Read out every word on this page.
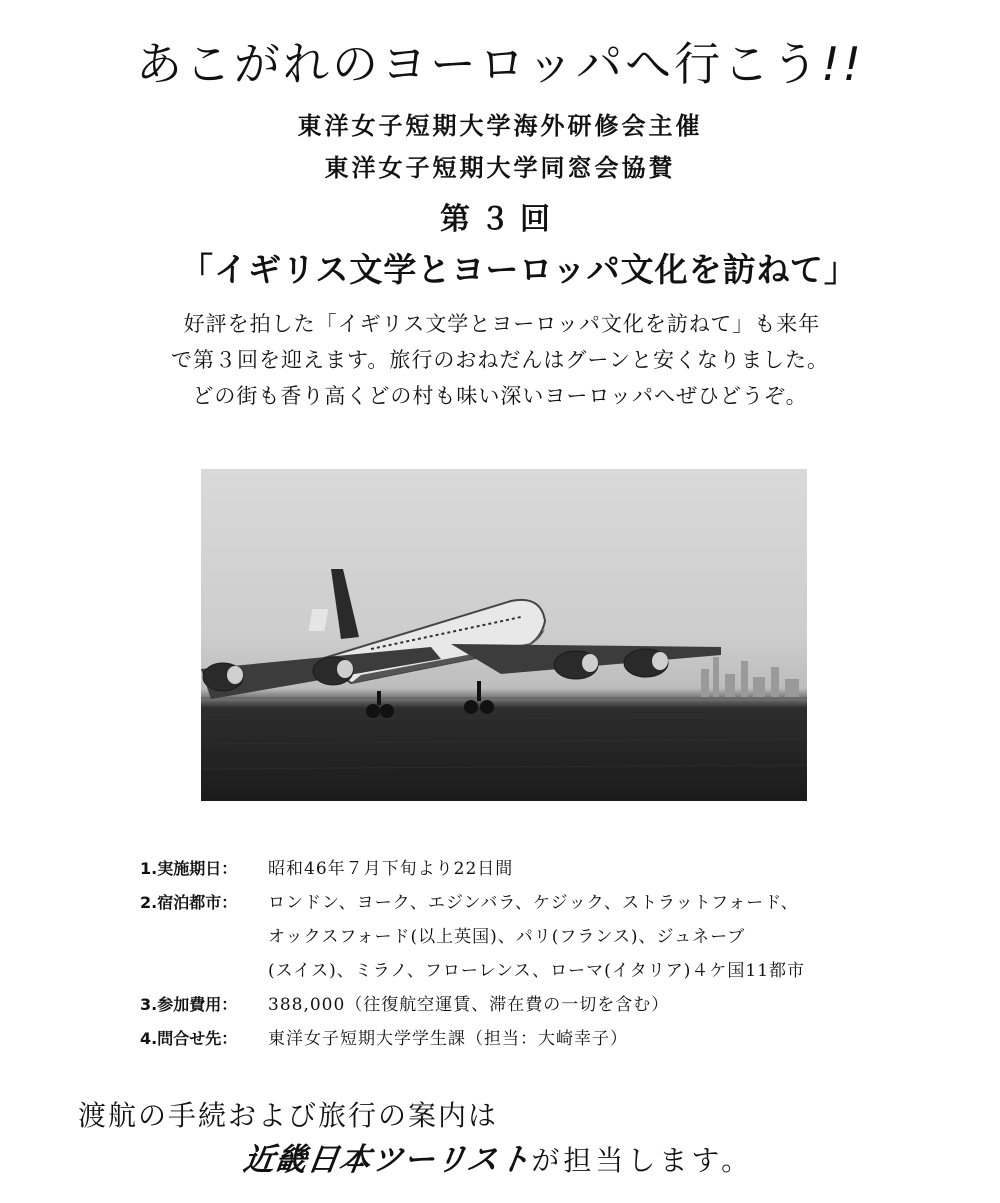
あこがれのヨーロッパへ行こう!!
東洋女子短期大学海外研修会主催
東洋女子短期大学同窓会協賛
第３回
「イギリス文学とヨーロッパ文化を訪ねて」
好評を拍した「イギリス文学とヨーロッパ文化を訪ねて」も来年
で第３回を迎えます。旅行のおねだんはグーンと安くなりました。
どの街も香り高くどの村も味い深いヨーロッパへぜひどうぞ。
1.実施期日：	昭和46年７月下旬より22日間
2.宿泊都市：	ロンドン、ヨーク、エジンバラ、ケジック、ストラットフォード、
オックスフォード(以上英国)、パリ(フランス)、ジュネーブ
(スイス)、ミラノ、フローレンス、ローマ(イタリア)４ケ国11都市
3.参加費用：	388,000（往復航空運賃、滞在費の一切を含む）
4.問合せ先：	東洋女子短期大学学生課（担当：大崎幸子）
渡航の手続および旅行の案内は
近畿日本ツーリストが担当します。
